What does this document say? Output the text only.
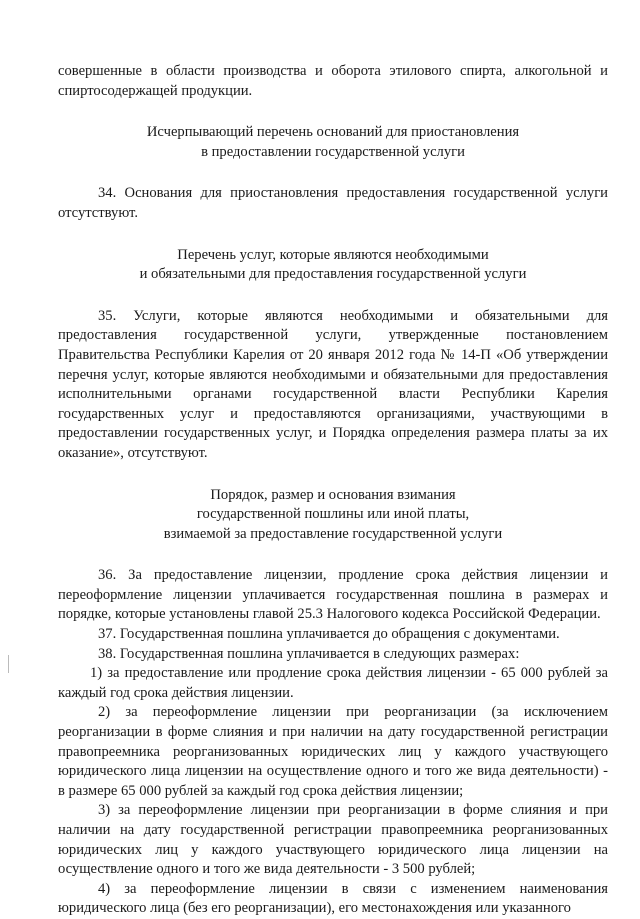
совершенные в области производства и оборота этилового спирта, алкогольной и спиртосодержащей продукции.

Исчерпывающий перечень оснований для приостановления

в предоставлении государственной услуги

34. Основания для приостановления предоставления государственной услуги отсутствуют.

Перечень услуг, которые являются необходимыми

и обязательными для предоставления государственной услуги

35. Услуги, которые являются необходимыми и обязательными для предоставления государственной услуги, утвержденные постановлением Правительства Республики Карелия от 20 января 2012 года № 14-П «Об утверждении перечня услуг, которые являются необходимыми и обязательными для предоставления исполнительными органами государственной власти Республики Карелия государственных услуг и предоставляются организациями, участвующими в предоставлении государственных услуг, и Порядка определения размера платы за их оказание», отсутствуют.

Порядок, размер и основания взимания

государственной пошлины или иной платы,

взимаемой за предоставление государственной услуги

36. За предоставление лицензии, продление срока действия лицензии и переоформление лицензии уплачивается государственная пошлина в размерах и порядке, которые установлены главой 25.3 Налогового кодекса Российской Федерации.

37. Государственная пошлина уплачивается до обращения с документами.

38. Государственная пошлина уплачивается в следующих размерах:

1) за предоставление или продление срока действия лицензии - 65 000 рублей за каждый год срока действия лицензии.

2) за переоформление лицензии при реорганизации (за исключением реорганизации в форме слияния и при наличии на дату государственной регистрации правопреемника реорганизованных юридических лиц у каждого участвующего юридического лица лицензии на осуществление одного и того же вида деятельности) - в размере 65 000 рублей за каждый год срока действия лицензии;

3) за переоформление лицензии при реорганизации в форме слияния и при наличии на дату государственной регистрации правопреемника реорганизованных юридических лиц у каждого участвующего юридического лица лицензии на осуществление одного и того же вида деятельности - 3 500 рублей;

4) за переоформление лицензии в связи с изменением наименования юридического лица (без его реорганизации), его местонахождения или указанного
